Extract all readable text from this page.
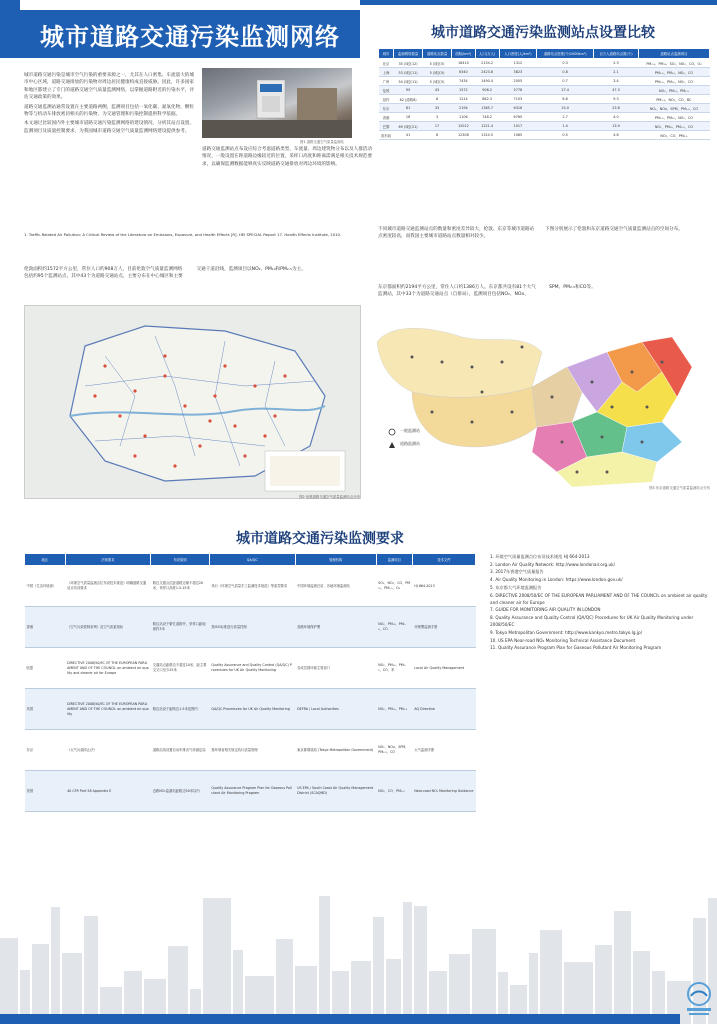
城市道路交通污染监测网络	城市道路交通污染监测站点设置比较

城市道路交通污染是城市空气污染的重要来源之一，尤其在人口密集、车流量大的城市中心区域，道路交通排放的污染物对周边居民健康构成直接威胁。因此，许多国家和地区都建立了专门的道路交通空气质量监测网络，以掌握道路附近的污染水平，评估交通政策的效果。

道路交通监测站通常设置在主要道路两侧，监测项目包括一氧化碳、氮氧化物、颗粒物等与机动车排放密切相关的污染物，为交通管理和污染控制提供科学依据。

本文通过比较国内外主要城市道路交通污染监测网络的建设情况，分析其站点设置、监测项目及质量控制要求，为我国城市道路交通空气质量监测网络建设提供参考。

图1 道路交通空气质量监测站

道路交通监测站点布设应综合考虑道路类型、车流量、周边建筑物分布以及人群活动情况，一般设置在距道路边缘较近的位置，采样口高度和距离需满足相关技术规范要求，以确保监测数据能够真实反映道路交通排放对周边环境的影响。

1. Traffic-Related Air Pollution: A Critical Review of the Literature on Emissions, Exposure, and Health Effects [R]. HEI SPECIAL Report 17. Health Effects Institute, 2010.
城市	监测网络数量	道路站点数量	面积(km²)	人口(万人)	人口密度(人/km²)	道路站点密度(个/1000km²)	百万人道路站点数(个)	道路站点监测项目
北京	35 (城区12)	5 (城区5)	16410	2154.2	1312	0.3	2.3	PM₂.₅、PM₁₀、SO₂、NO₂、CO、O₃
上海	53 (城区11)	5 (城区5)	6340	2423.8	3823	0.8	2.1	PM₂.₅、PM₁₀、NO₂、CO
广州	54 (城区11)	5 (城区5)	7434	1490.4	2005	0.7	3.4	PM₂.₅、PM₁₀、NO₂、CO
伦敦	95	43	1572	908.2	5778	27.4	47.3	NO₂、PM₁₀、PM₂.₅
纽约	62 (道路8)	8	1214	862.3	7103	6.6	9.3	PM₂.₅、NO₂、CO、BC
东京	81	33	2194	1385.7	6316	15.0	23.8	NO₂、NOx、SPM、PM₂.₅、CO
香港	18	3	1106	748.2	6765	2.7	4.0	PM₂.₅、PM₁₀、NO₂、CO
巴黎	69 (城区21)	17	12012	1221.4	1017	1.4	13.9	NO₂、PM₁₀、PM₂.₅、CO
洛杉矶	41	6	12308	1310.5	1065	0.5	4.6	NO₂、CO、PM₂.₅
不同城市道路交通监测站点的数量和密度差异较大，伦敦、东京等城市道路站点密度较高，而我国主要城市道路站点数量相对较少。
下图分别展示了伦敦和东京道路交通空气质量监测站点的空间分布。
伦敦面积约1572平方公里，常住人口约908万人，目前伦敦空气质量监测网络包括约95个监测站点，其中43个为道路交通站点，主要分布在中心城区和主要交通干道沿线，监测项目以NO₂、PM₁₀和PM₂.₅为主。
东京都面积约2194平方公里，常住人口约1386万人。东京都共设有81个大气监测站，其中33个为道路交通站点（自排局），监测项目包括NO₂、NOx、SPM、PM₂.₅和CO等。
图2 伦敦道路交通空气质量监测站点分布
一般监测站
道路监测站
图3 东京道路交通空气质量监测站点分布
城市道路交通污染监测要求
地区	法规要求	布设原则	QA/QC	管理机构	监测项目	技术文件
中国（生态环境部）	《环境空气质量监测点位布设技术规范》明确道路交通站点布设要求	路边交通点位距道路边缘不超过20米，采样口高度1.5-15米	执行《环境空气质量手工监测技术规范》等质控要求	中国环境监测总站、各地环境监测站	SO₂、NO₂、CO、PM₁₀、PM₂.₅、O₃	HJ 664-2013
香港	《空气污染管制条例》及空气质素指标	路边站设于繁忙道路旁，采样口距地面约3米	按ISO标准进行质量控制	香港环境保护署	NO₂、PM₁₀、PM₂.₅、CO	环保署监测手册
欧盟	DIRECTIVE 2008/50/EC OF THE EUROPEAN PARLIAMENT AND OF THE COUNCIL on ambient air quality and cleaner air for Europe	交通站点距路边不超过10米，距主要交叉口至少25米	Quality Assurance and Quality Control (QA/QC) Procedures for UK Air Quality Monitoring	各成员国环境主管部门	NO₂、PM₁₀、PM₂.₅、CO、苯	Local Air Quality Management
英国	DIRECTIVE 2008/50/EC OF THE EUROPEAN PARLIAMENT AND OF THE COUNCIL on ambient air quality	路边站设于距路边1-5米范围内	QA/QC Procedures for UK Air Quality Monitoring	DEFRA / Local Authorities	NO₂、PM₁₀、PM₂.₅	AQ Directive
东京	《大气污染防止法》	道路沿线设置自动车排出气体测定局	按环境省相关规定执行质量管理	東京都環境局 (Tokyo Metropolitan Government)	NO₂、NOx、SPM、PM₂.₅、CO	大气监测手册
美国	40 CFR Part 58 Appendix E	近路NO₂监测站距路边50米以内	Quality Assurance Program Plan for Gaseous Pollutant Air Monitoring Program	US EPA / South Coast Air Quality Management District (SCAQMD)	NO₂、CO、PM₂.₅	Near-road NO₂ Monitoring Guidance
1. 环境空气质量监测点位布设技术规范 HJ 664-2013
2. London Air Quality Network: http://www.londonair.org.uk/
3. 2017年香港空气质量报告
4. Air Quality Monitoring in London: https://www.london.gov.uk/
5. 东京都大气环境监测报告
6. DIRECTIVE 2008/50/EC OF THE EUROPEAN PARLIAMENT AND OF THE COUNCIL on ambient air quality and cleaner air for Europe
7. GUIDE FOR MONITORING AIR QUALITY IN LONDON
8. Quality Assurance and Quality Control (QA/QC) Procedures for UK Air Quality Monitoring under 2008/50/EC
9. Tokyo Metropolitan Government: http://www.kankyo.metro.tokyo.lg.jp/
10. US EPA Near-road NO₂ Monitoring Technical Assistance Document
11. Quality Assurance Program Plan for Gaseous Pollutant Air Monitoring Program
